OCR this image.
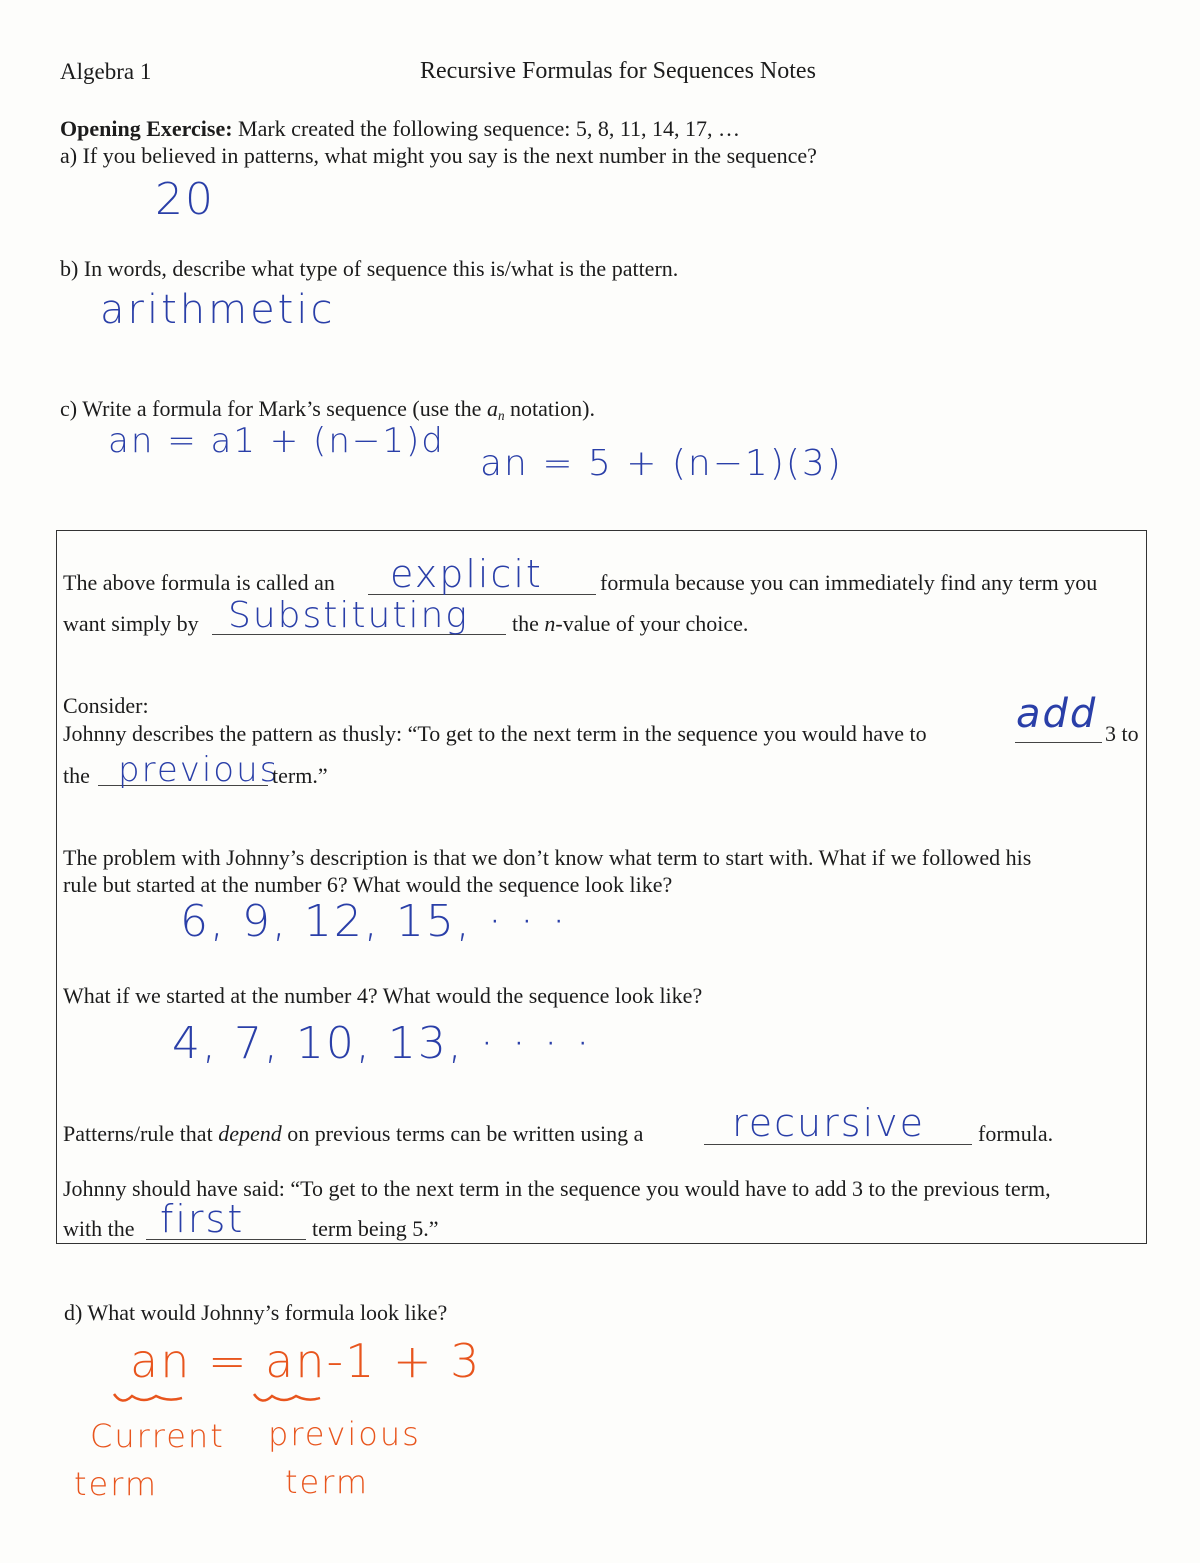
Algebra 1	Recursive Formulas for Sequences Notes
Opening Exercise: Mark created the following sequence: 5, 8, 11, 14, 17, …
a) If you believed in patterns, what might you say is the next number in the sequence?
20
b) In words, describe what type of sequence this is/what is the pattern.
arithmetic
c) Write a formula for Mark’s sequence (use the $a_n$ notation).
an = a1 + (n−1)d
an = 5 + (n−1)(3)
The above formula is called an explicit	formula because you can immediately find any term you
want simply by Substituting the n-value of your choice.
Consider:
Johnny describes the pattern as thusly: “To get to the next term in the sequence you would have to add 3 to
the previous
term.”
The problem with Johnny’s description is that we don’t know what term to start with. What if we followed his
rule but started at the number 6? What would the sequence look like?
6, 9, 12, 15, · · ·
What if we started at the number 4? What would the sequence look like?
4, 7, 10, 13, · · · ·
Patterns/rule that depend on previous terms can be written using a recursive formula.
Johnny should have said: “To get to the next term in the sequence you would have to add 3 to the previous term,
with the first	term being 5.”
d) What would Johnny’s formula look like?
an = an-1 + 3
Current
term
previous
term
